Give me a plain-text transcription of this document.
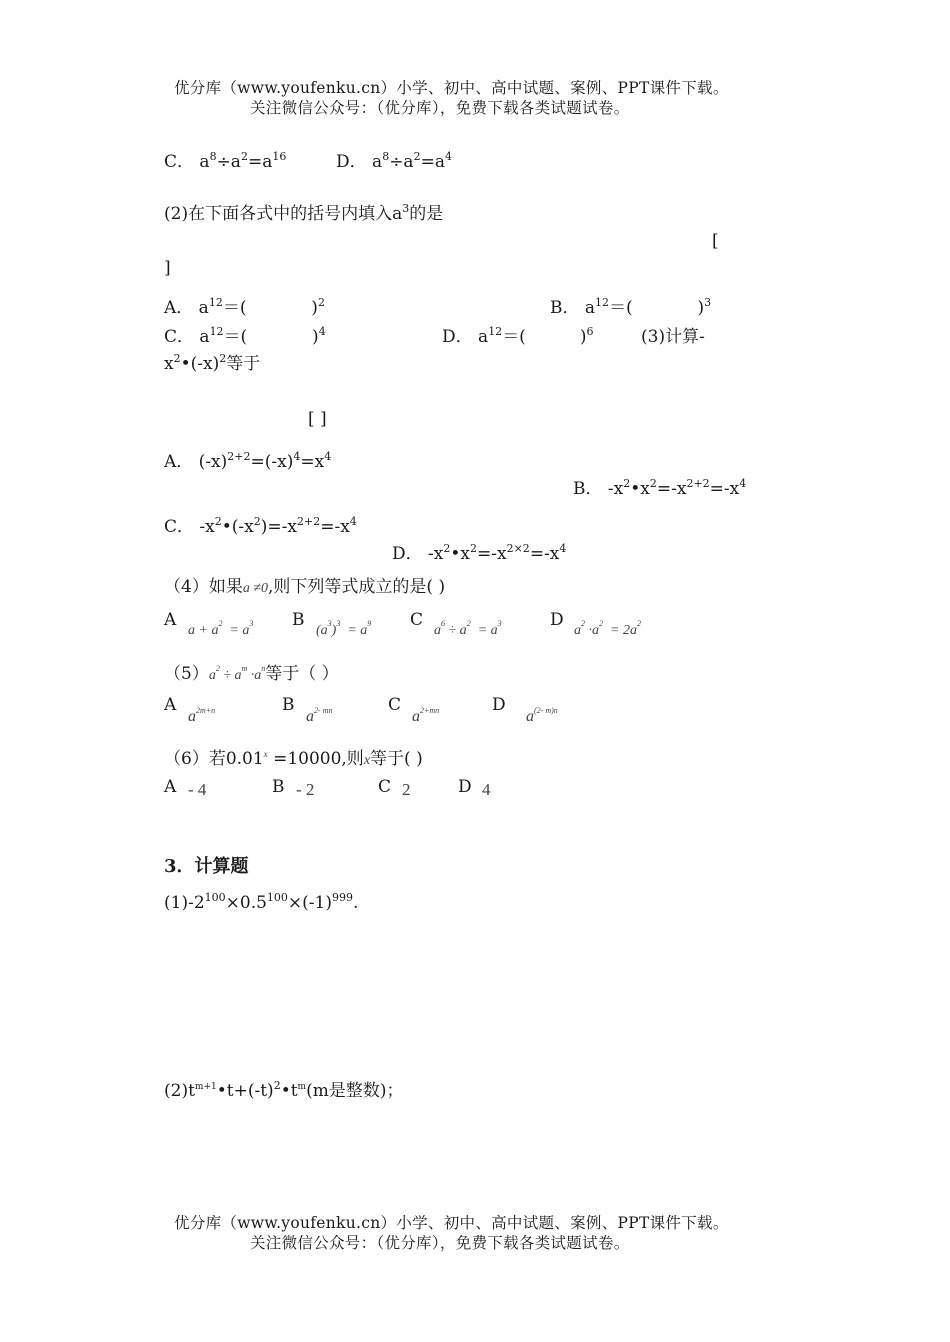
优分库（www.youfenku.cn）小学、初中、高中试题、案例、PPT课件下载。
关注微信公众号：（优分库），免费下载各类试题试卷。
C． $a^8\div a^2=a^{16}$	D． $a^8\div a^2=a^4$
(2)在下面各式中的括号内填入$a^3$的是
[
]
A． $a^{12}=$(            )$^2$	B． $a^{12}=$(            )$^3$
C． $a^{12}=$(            )$^4$	D． $a^{12}=$(          )$^6$	(3)计算-
$x^2•(-x)^2$等于
[ ]
A． $(-x)^{2+2}=(-x)^4=x^4$
B． $-x^2•x^2=-x^{2+2}=-x^4$
C． $-x^2•(-x^2)=-x^{2+2}=-x^4$
D． $-x^2•x^2=-x^{2\times 2}=-x^4$
（4）如果a ≠0,则下列等式成立的是( )
A
$a + a^2 = a^3$ B
$(a^3)^3 = a^9$ C
$a^6 \div a^2 = a^3$	D
$a^2 \cdot a^2 = 2a^2$
$(5)a^2 \div a^m \cdot a^n$等于（ ）
A
$a^{2m+n}$	B
$a^{2- mn}$	C
$a^{2+mn}$	D
$a^{(2- m)n}$
（6）若$0.01^x =10000$,则x等于( )
A - 4	B - 2	C 2	D 4
3．计算题
$(1)-2^{100}\times 0.5^{100}\times(-1)^{999}$.
$(2)t^{m+1}•t+(-t)^2•t^m(m$是整数)；
优分库（www.youfenku.cn）小学、初中、高中试题、案例、PPT课件下载。
关注微信公众号：（优分库），免费下载各类试题试卷。
